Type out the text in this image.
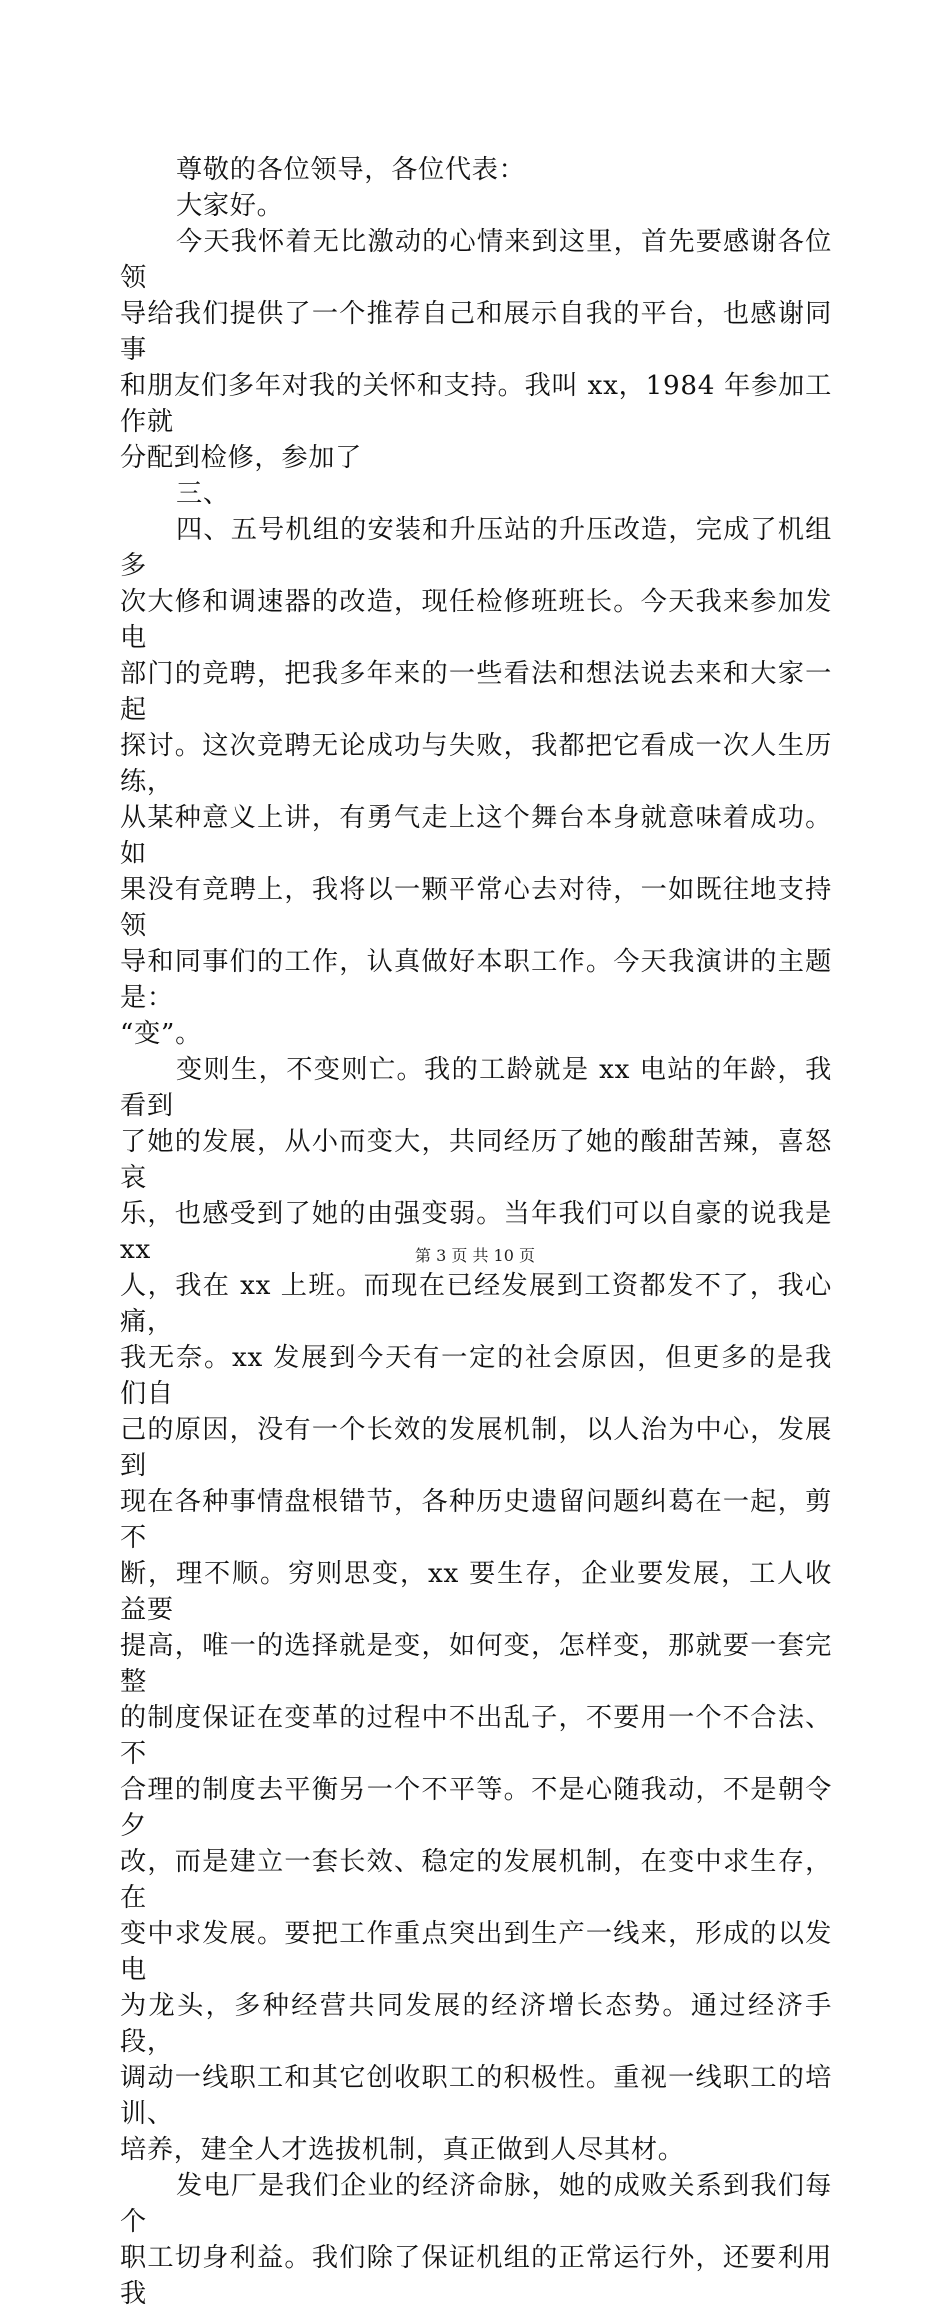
尊敬的各位领导，各位代表：

大家好。

今天我怀着无比激动的心情来到这里，首先要感谢各位领

导给我们提供了一个推荐自己和展示自我的平台，也感谢同事

和朋友们多年对我的关怀和支持。我叫 xx，1984 年参加工作就

分配到检修，参加了

三、

四、五号机组的安装和升压站的升压改造，完成了机组多

次大修和调速器的改造，现任检修班班长。今天我来参加发电

部门的竞聘，把我多年来的一些看法和想法说去来和大家一起

探讨。这次竞聘无论成功与失败，我都把它看成一次人生历练，

从某种意义上讲，有勇气走上这个舞台本身就意味着成功。如

果没有竞聘上，我将以一颗平常心去对待，一如既往地支持领

导和同事们的工作，认真做好本职工作。今天我演讲的主题是：

“变”。

变则生，不变则亡。我的工龄就是 xx 电站的年龄，我看到

了她的发展，从小而变大，共同经历了她的酸甜苦辣，喜怒哀

乐，也感受到了她的由强变弱。当年我们可以自豪的说我是 xx

人，我在 xx 上班。而现在已经发展到工资都发不了，我心痛，

我无奈。xx 发展到今天有一定的社会原因，但更多的是我们自

己的原因，没有一个长效的发展机制，以人治为中心，发展到

现在各种事情盘根错节，各种历史遗留问题纠葛在一起，剪不

断，理不顺。穷则思变，xx 要生存，企业要发展，工人收益要

提高，唯一的选择就是变，如何变，怎样变，那就要一套完整

的制度保证在变革的过程中不出乱子，不要用一个不合法、不

合理的制度去平衡另一个不平等。不是心随我动，不是朝令夕

改，而是建立一套长效、稳定的发展机制，在变中求生存，在

变中求发展。要把工作重点突出到生产一线来，形成的以发电

为龙头，多种经营共同发展的经济增长态势。通过经济手段，

调动一线职工和其它创收职工的积极性。重视一线职工的培训、

培养，建全人才选拔机制，真正做到人尽其材。

发电厂是我们企业的经济命脉，她的成败关系到我们每个

职工切身利益。我们除了保证机组的正常运行外，还要利用我

第 3 页 共 10 页
